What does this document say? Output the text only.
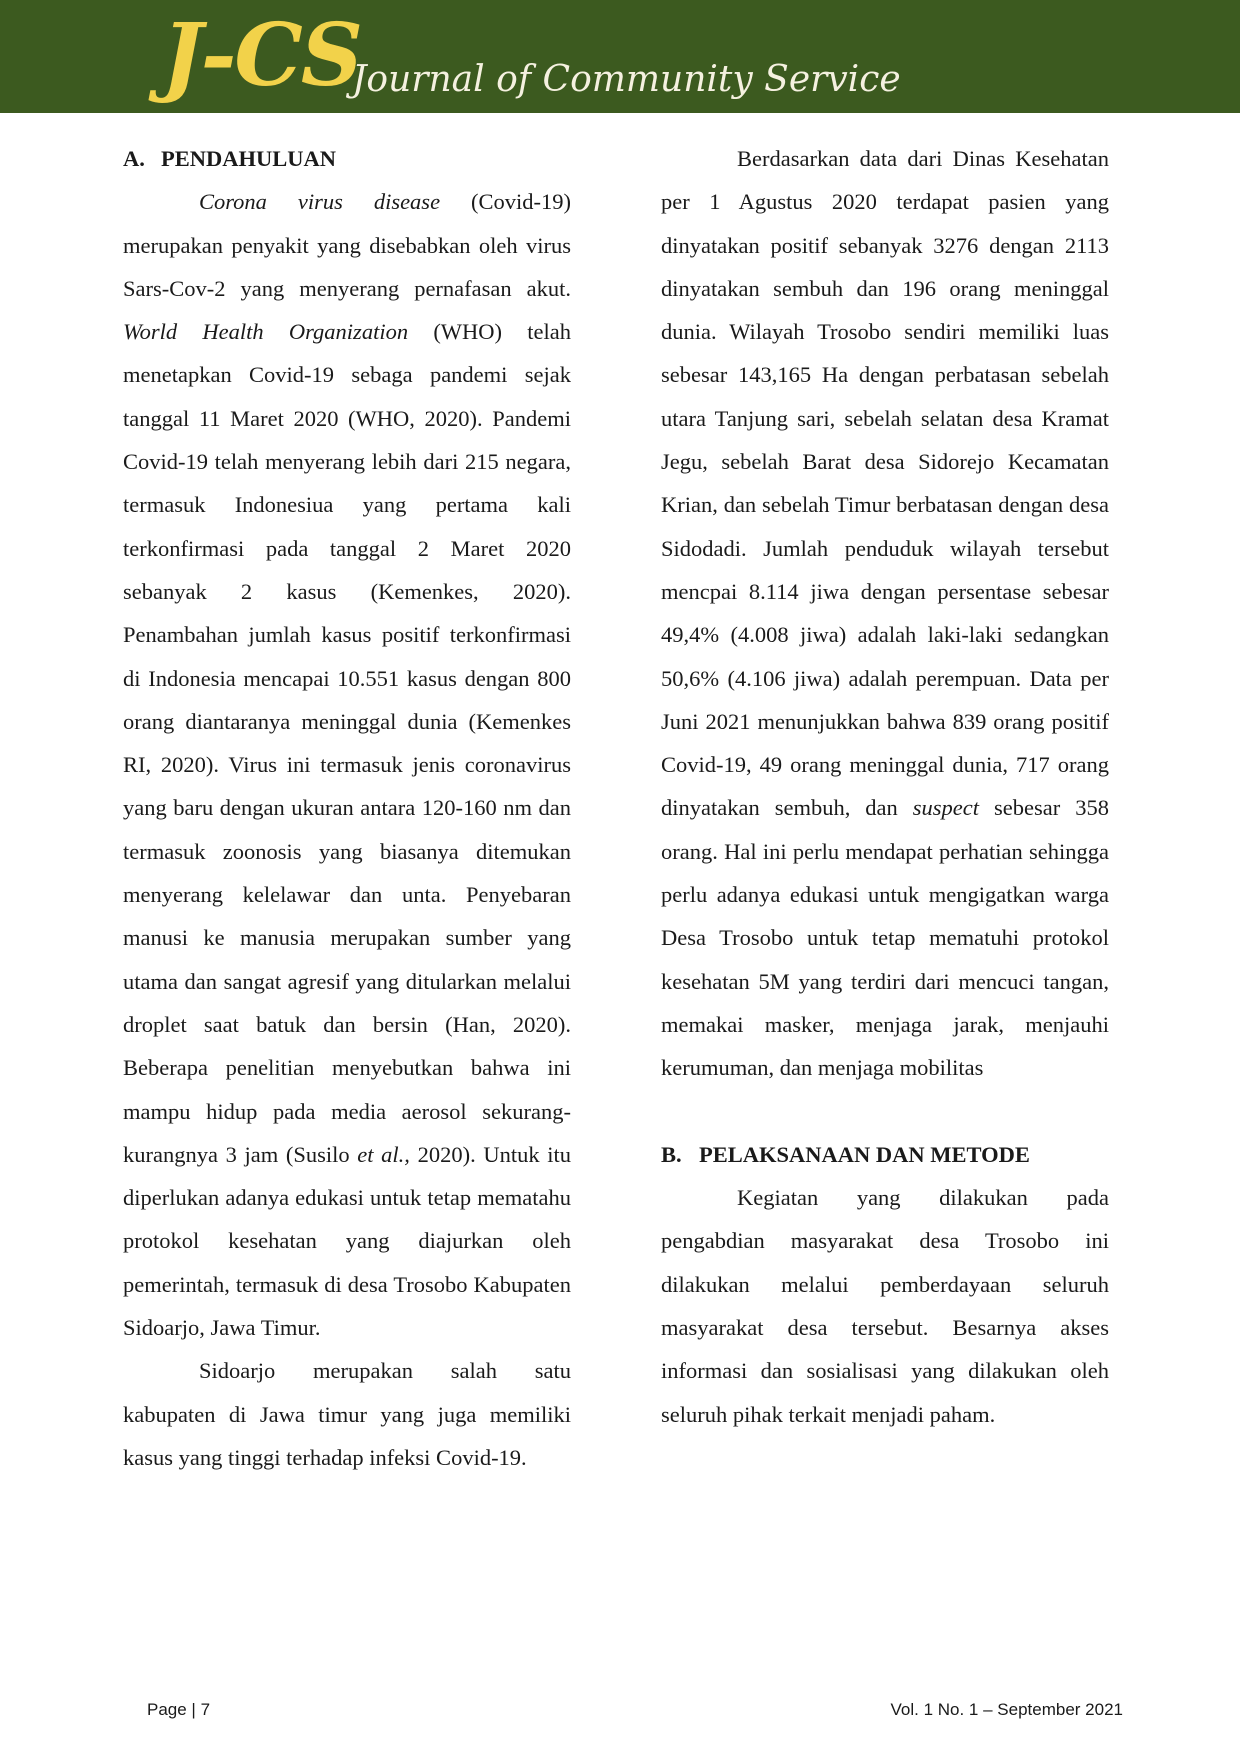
J-CS
Journal of Community Service
A. PENDAHULUAN

Corona virus disease (Covid-19) merupakan penyakit yang disebabkan oleh virus Sars-Cov-2 yang menyerang pernafasan akut. World Health Organization (WHO) telah menetapkan Covid-19 sebaga pandemi sejak tanggal 11 Maret 2020 (WHO, 2020). Pandemi Covid-19 telah menyerang lebih dari 215 negara, termasuk Indonesiua yang pertama kali terkonfirmasi pada tanggal 2 Maret 2020 sebanyak 2 kasus (Kemenkes, 2020). Penambahan jumlah kasus positif terkonfirmasi di Indonesia mencapai 10.551 kasus dengan 800 orang diantaranya meninggal dunia (Kemenkes RI, 2020). Virus ini termasuk jenis coronavirus yang baru dengan ukuran antara 120-160 nm dan termasuk zoonosis yang biasanya ditemukan menyerang kelelawar dan unta. Penyebaran manusi ke manusia merupakan sumber yang utama dan sangat agresif yang ditularkan melalui droplet saat batuk dan bersin (Han, 2020). Beberapa penelitian menyebutkan bahwa ini mampu hidup pada media aerosol sekurang-kurangnya 3 jam (Susilo et al., 2020). Untuk itu diperlukan adanya edukasi untuk tetap mematahu protokol kesehatan yang diajurkan oleh pemerintah, termasuk di desa Trosobo Kabupaten Sidoarjo, Jawa Timur.

Sidoarjo merupakan salah satu kabupaten di Jawa timur yang juga memiliki kasus yang tinggi terhadap infeksi Covid-19.

Berdasarkan data dari Dinas Kesehatan per 1 Agustus 2020 terdapat pasien yang dinyatakan positif sebanyak 3276 dengan 2113 dinyatakan sembuh dan 196 orang meninggal dunia. Wilayah Trosobo sendiri memiliki luas sebesar 143,165 Ha dengan perbatasan sebelah utara Tanjung sari, sebelah selatan desa Kramat Jegu, sebelah Barat desa Sidorejo Kecamatan Krian, dan sebelah Timur berbatasan dengan desa Sidodadi. Jumlah penduduk wilayah tersebut mencpai 8.114 jiwa dengan persentase sebesar 49,4% (4.008 jiwa) adalah laki-laki sedangkan 50,6% (4.106 jiwa) adalah perempuan. Data per Juni 2021 menunjukkan bahwa 839 orang positif Covid-19, 49 orang meninggal dunia, 717 orang dinyatakan sembuh, dan suspect sebesar 358 orang. Hal ini perlu mendapat perhatian sehingga perlu adanya edukasi untuk mengigatkan warga Desa Trosobo untuk tetap mematuhi protokol kesehatan 5M yang terdiri dari mencuci tangan, memakai masker, menjaga jarak, menjauhi kerumuman, dan menjaga mobilitas

B. PELAKSANAAN DAN METODE

Kegiatan yang dilakukan pada pengabdian masyarakat desa Trosobo ini dilakukan melalui pemberdayaan seluruh masyarakat desa tersebut. Besarnya akses informasi dan sosialisasi yang dilakukan oleh seluruh pihak terkait menjadi paham.

Page | 7	Vol. 1 No. 1 – September 2021
